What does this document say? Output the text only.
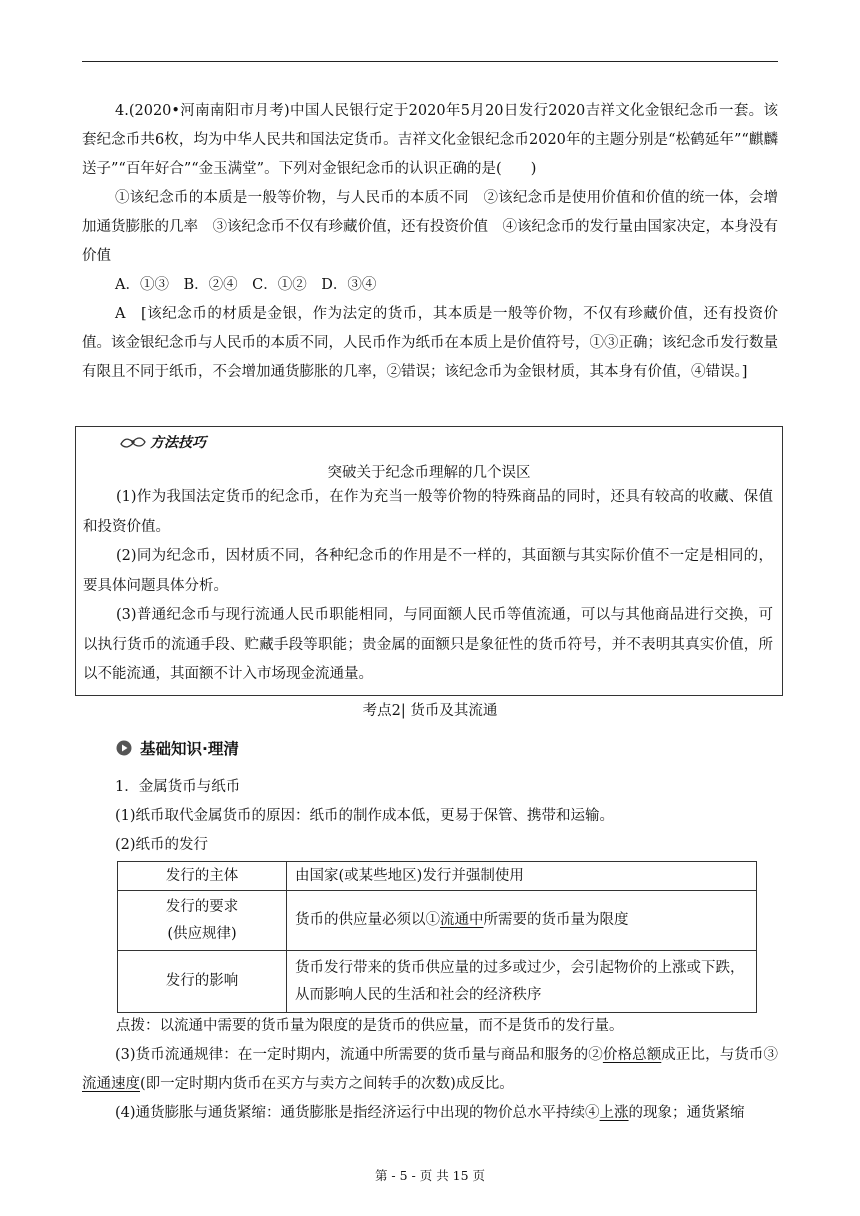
4.(2020•河南南阳市月考)中国人民银行定于2020年5月20日发行2020吉祥文化金银纪念币一套。该套纪念币共6枚，均为中华人民共和国法定货币。吉祥文化金银纪念币2020年的主题分别是“松鹤延年”“麒麟送子”“百年好合”“金玉满堂”。下列对金银纪念币的认识正确的是(　　)

①该纪念币的本质是一般等价物，与人民币的本质不同　②该纪念币是使用价值和价值的统一体，会增加通货膨胀的几率　③该纪念币不仅有珍藏价值，还有投资价值　④该纪念币的发行量由国家决定，本身没有价值

A．①③　B．②④　C．①②　D．③④

A　[该纪念币的材质是金银，作为法定的货币，其本质是一般等价物，不仅有珍藏价值，还有投资价值。该金银纪念币与人民币的本质不同，人民币作为纸币在本质上是价值符号，①③正确；该纪念币发行数量有限且不同于纸币，不会增加通货膨胀的几率，②错误；该纪念币为金银材质，其本身有价值，④错误。]

方法技巧
突破关于纪念币理解的几个误区

(1)作为我国法定货币的纪念币，在作为充当一般等价物的特殊商品的同时，还具有较高的收藏、保值和投资价值。

(2)同为纪念币，因材质不同，各种纪念币的作用是不一样的，其面额与其实际价值不一定是相同的，要具体问题具体分析。

(3)普通纪念币与现行流通人民币职能相同，与同面额人民币等值流通，可以与其他商品进行交换，可以执行货币的流通手段、贮藏手段等职能；贵金属的面额只是象征性的货币符号，并不表明其真实价值，所以不能流通，其面额不计入市场现金流通量。

考点2| 货币及其流通
基础知识·理清

1．金属货币与纸币

(1)纸币取代金属货币的原因：纸币的制作成本低，更易于保管、携带和运输。

(2)纸币的发行

发行的主体	由国家(或某些地区)发行并强制使用

发行的要求
(供应规律)	货币的供应量必须以①流通中所需要的货币量为限度
发行的影响	货币发行带来的货币供应量的过多或过少，会引起物价的上涨或下跌，从而影响人民的生活和社会的经济秩序

点拨：以流通中需要的货币量为限度的是货币的供应量，而不是货币的发行量。

(3)货币流通规律：在一定时期内，流通中所需要的货币量与商品和服务的②价格总额成正比，与货币③流通速度(即一定时期内货币在买方与卖方之间转手的次数)成反比。

(4)通货膨胀与通货紧缩：通货膨胀是指经济运行中出现的物价总水平持续④上涨的现象；通货紧缩

第 - 5 - 页 共 15 页
